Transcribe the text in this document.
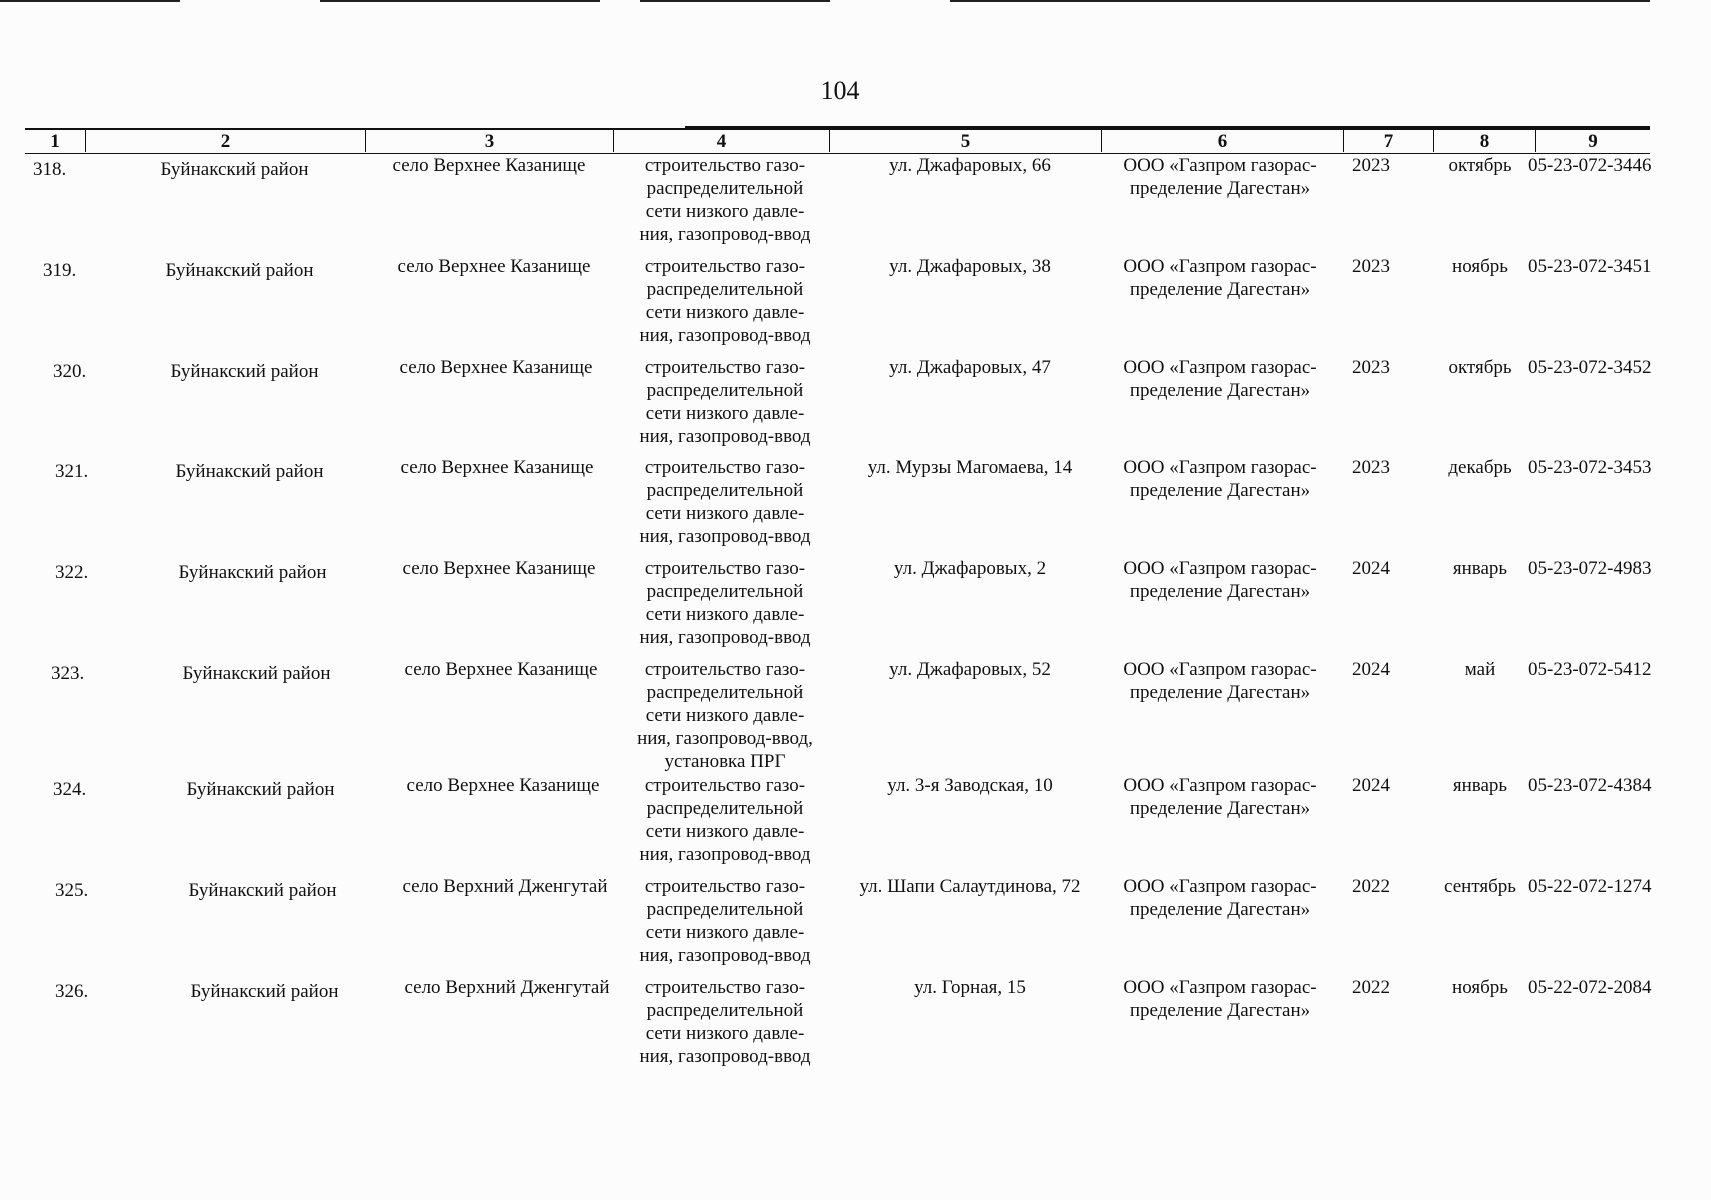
104
1	2	3	4	5	6	7	8	9
318.	Буйнакский район	село Верхнее Казанище	строительство газо-
распределительной
сети низкого давле-
ния, газопровод-ввод
ул. Джафаровых, 66	ООО «Газпром газорас-
пределение Дагестан»
2023	октябрь 05-23-072-3446
319.	Буйнакский район	село Верхнее Казанище	строительство газо-
распределительной
сети низкого давле-
ния, газопровод-ввод
ул. Джафаровых, 38	ООО «Газпром газорас-
пределение Дагестан»
2023	ноябрь	05-23-072-3451
320.	Буйнакский район	село Верхнее Казанище	строительство газо-
распределительной
сети низкого давле-
ния, газопровод-ввод
ул. Джафаровых, 47	ООО «Газпром газорас-
пределение Дагестан»
2023	октябрь 05-23-072-3452
321.	Буйнакский район	село Верхнее Казанище	строительство газо-
распределительной
сети низкого давле-
ния, газопровод-ввод
ул. Мурзы Магомаева, 14	ООО «Газпром газорас-
пределение Дагестан»
2023	декабрь 05-23-072-3453
322.	Буйнакский район	село Верхнее Казанище	строительство газо-
распределительной
сети низкого давле-
ния, газопровод-ввод
ул. Джафаровых, 2	ООО «Газпром газорас-
пределение Дагестан»
2024	январь	05-23-072-4983
323.	Буйнакский район	село Верхнее Казанище	строительство газо-
распределительной
сети низкого давле-
ния, газопровод-ввод,
установка ПРГ
ул. Джафаровых, 52	ООО «Газпром газорас-
пределение Дагестан»
2024	май	05-23-072-5412
324.	Буйнакский район	село Верхнее Казанище	строительство газо-
распределительной
сети низкого давле-
ния, газопровод-ввод
ул. 3-я Заводская, 10	ООО «Газпром газорас-
пределение Дагестан»
2024	январь	05-23-072-4384
325.	Буйнакский район	село Верхний Дженгутай	строительство газо-
распределительной
сети низкого давле-
ния, газопровод-ввод
ул. Шапи Салаутдинова, 72	ООО «Газпром газорас-
пределение Дагестан»
2022	сентябрь 05-22-072-1274
326.	Буйнакский район	село Верхний Дженгутай	строительство газо-
распределительной
сети низкого давле-
ния, газопровод-ввод
ул. Горная, 15	ООО «Газпром газорас-
пределение Дагестан»
2022	ноябрь	05-22-072-2084
